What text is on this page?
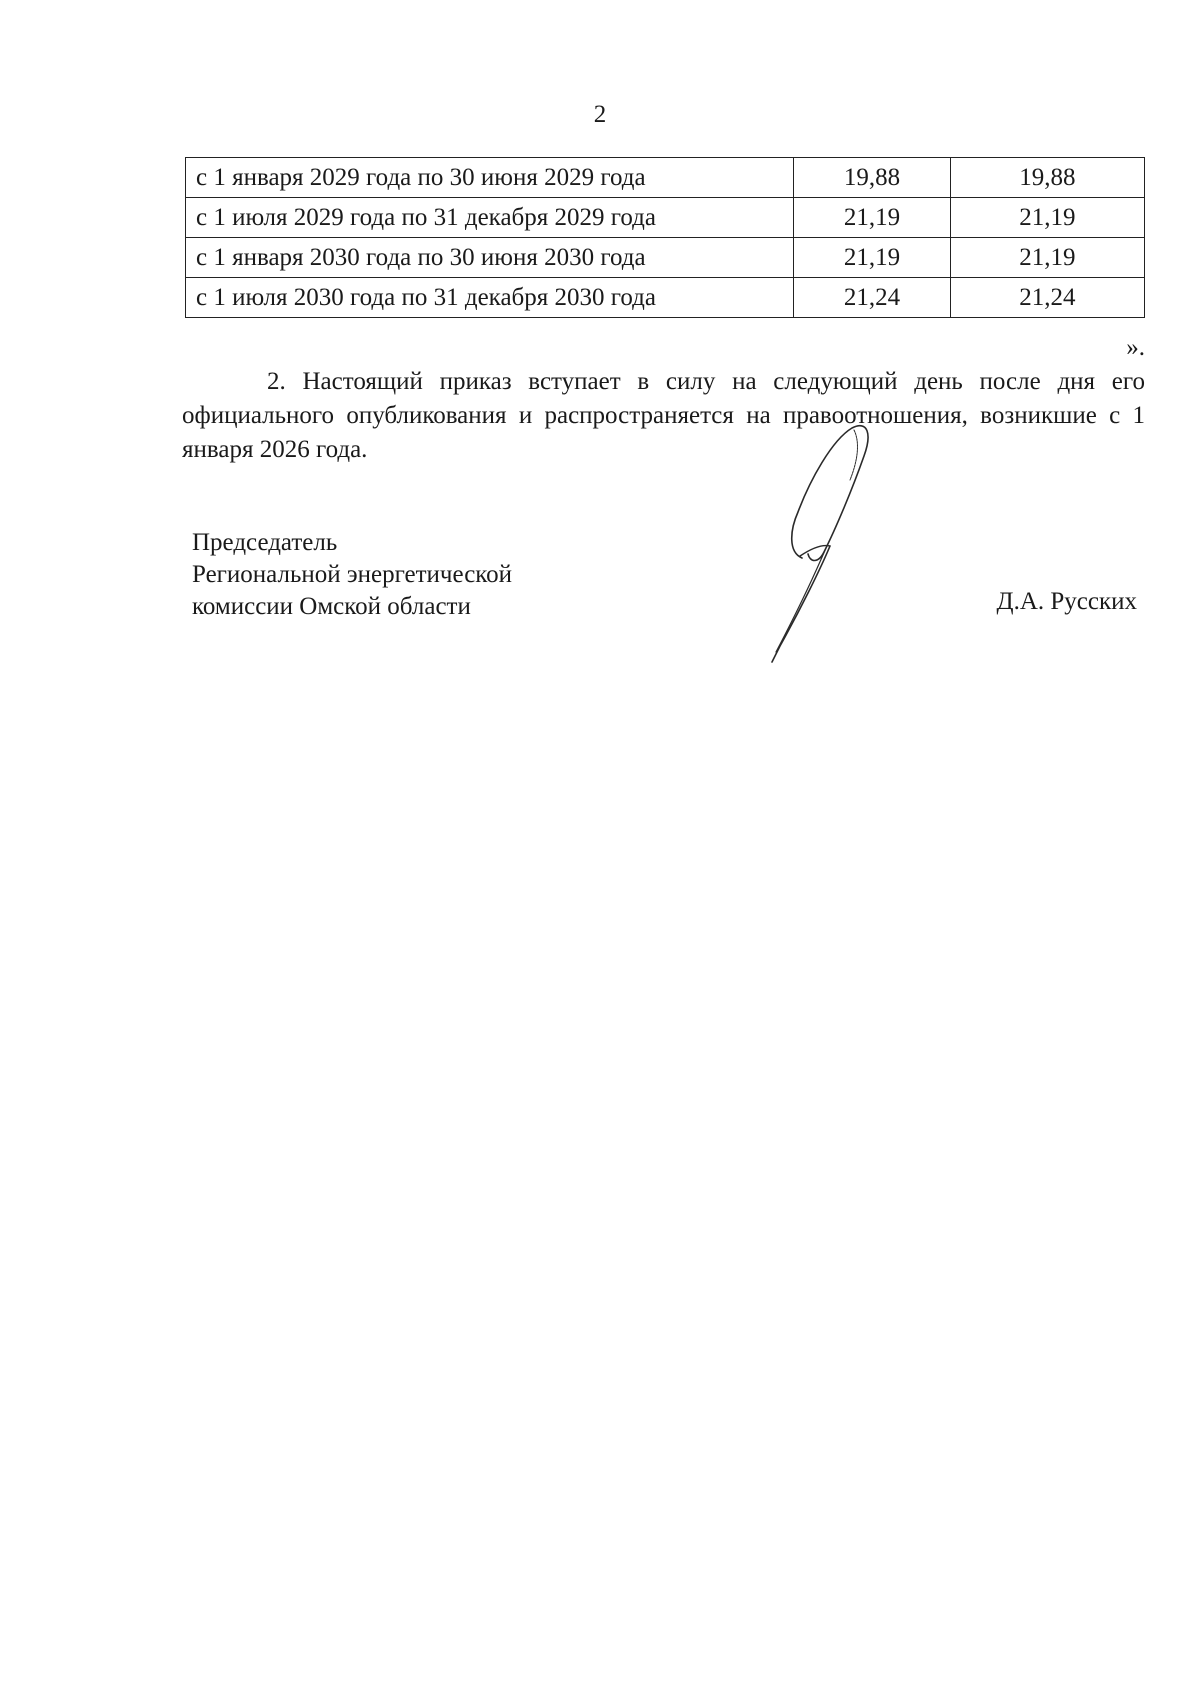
2
с 1 января 2029 года по 30 июня 2029 года	19,88	19,88
с 1 июля 2029 года по 31 декабря 2029 года	21,19	21,19
с 1 января 2030 года по 30 июня 2030 года	21,19	21,19
с 1 июля 2030 года по 31 декабря 2030 года	21,24	21,24
».
2. Настоящий приказ вступает в силу на следующий день после дня его официального опубликования и распространяется на правоотношения, возникшие с 1 января 2026 года.
Председатель
Региональной энергетической
комиссии Омской области	Д.А. Русских
